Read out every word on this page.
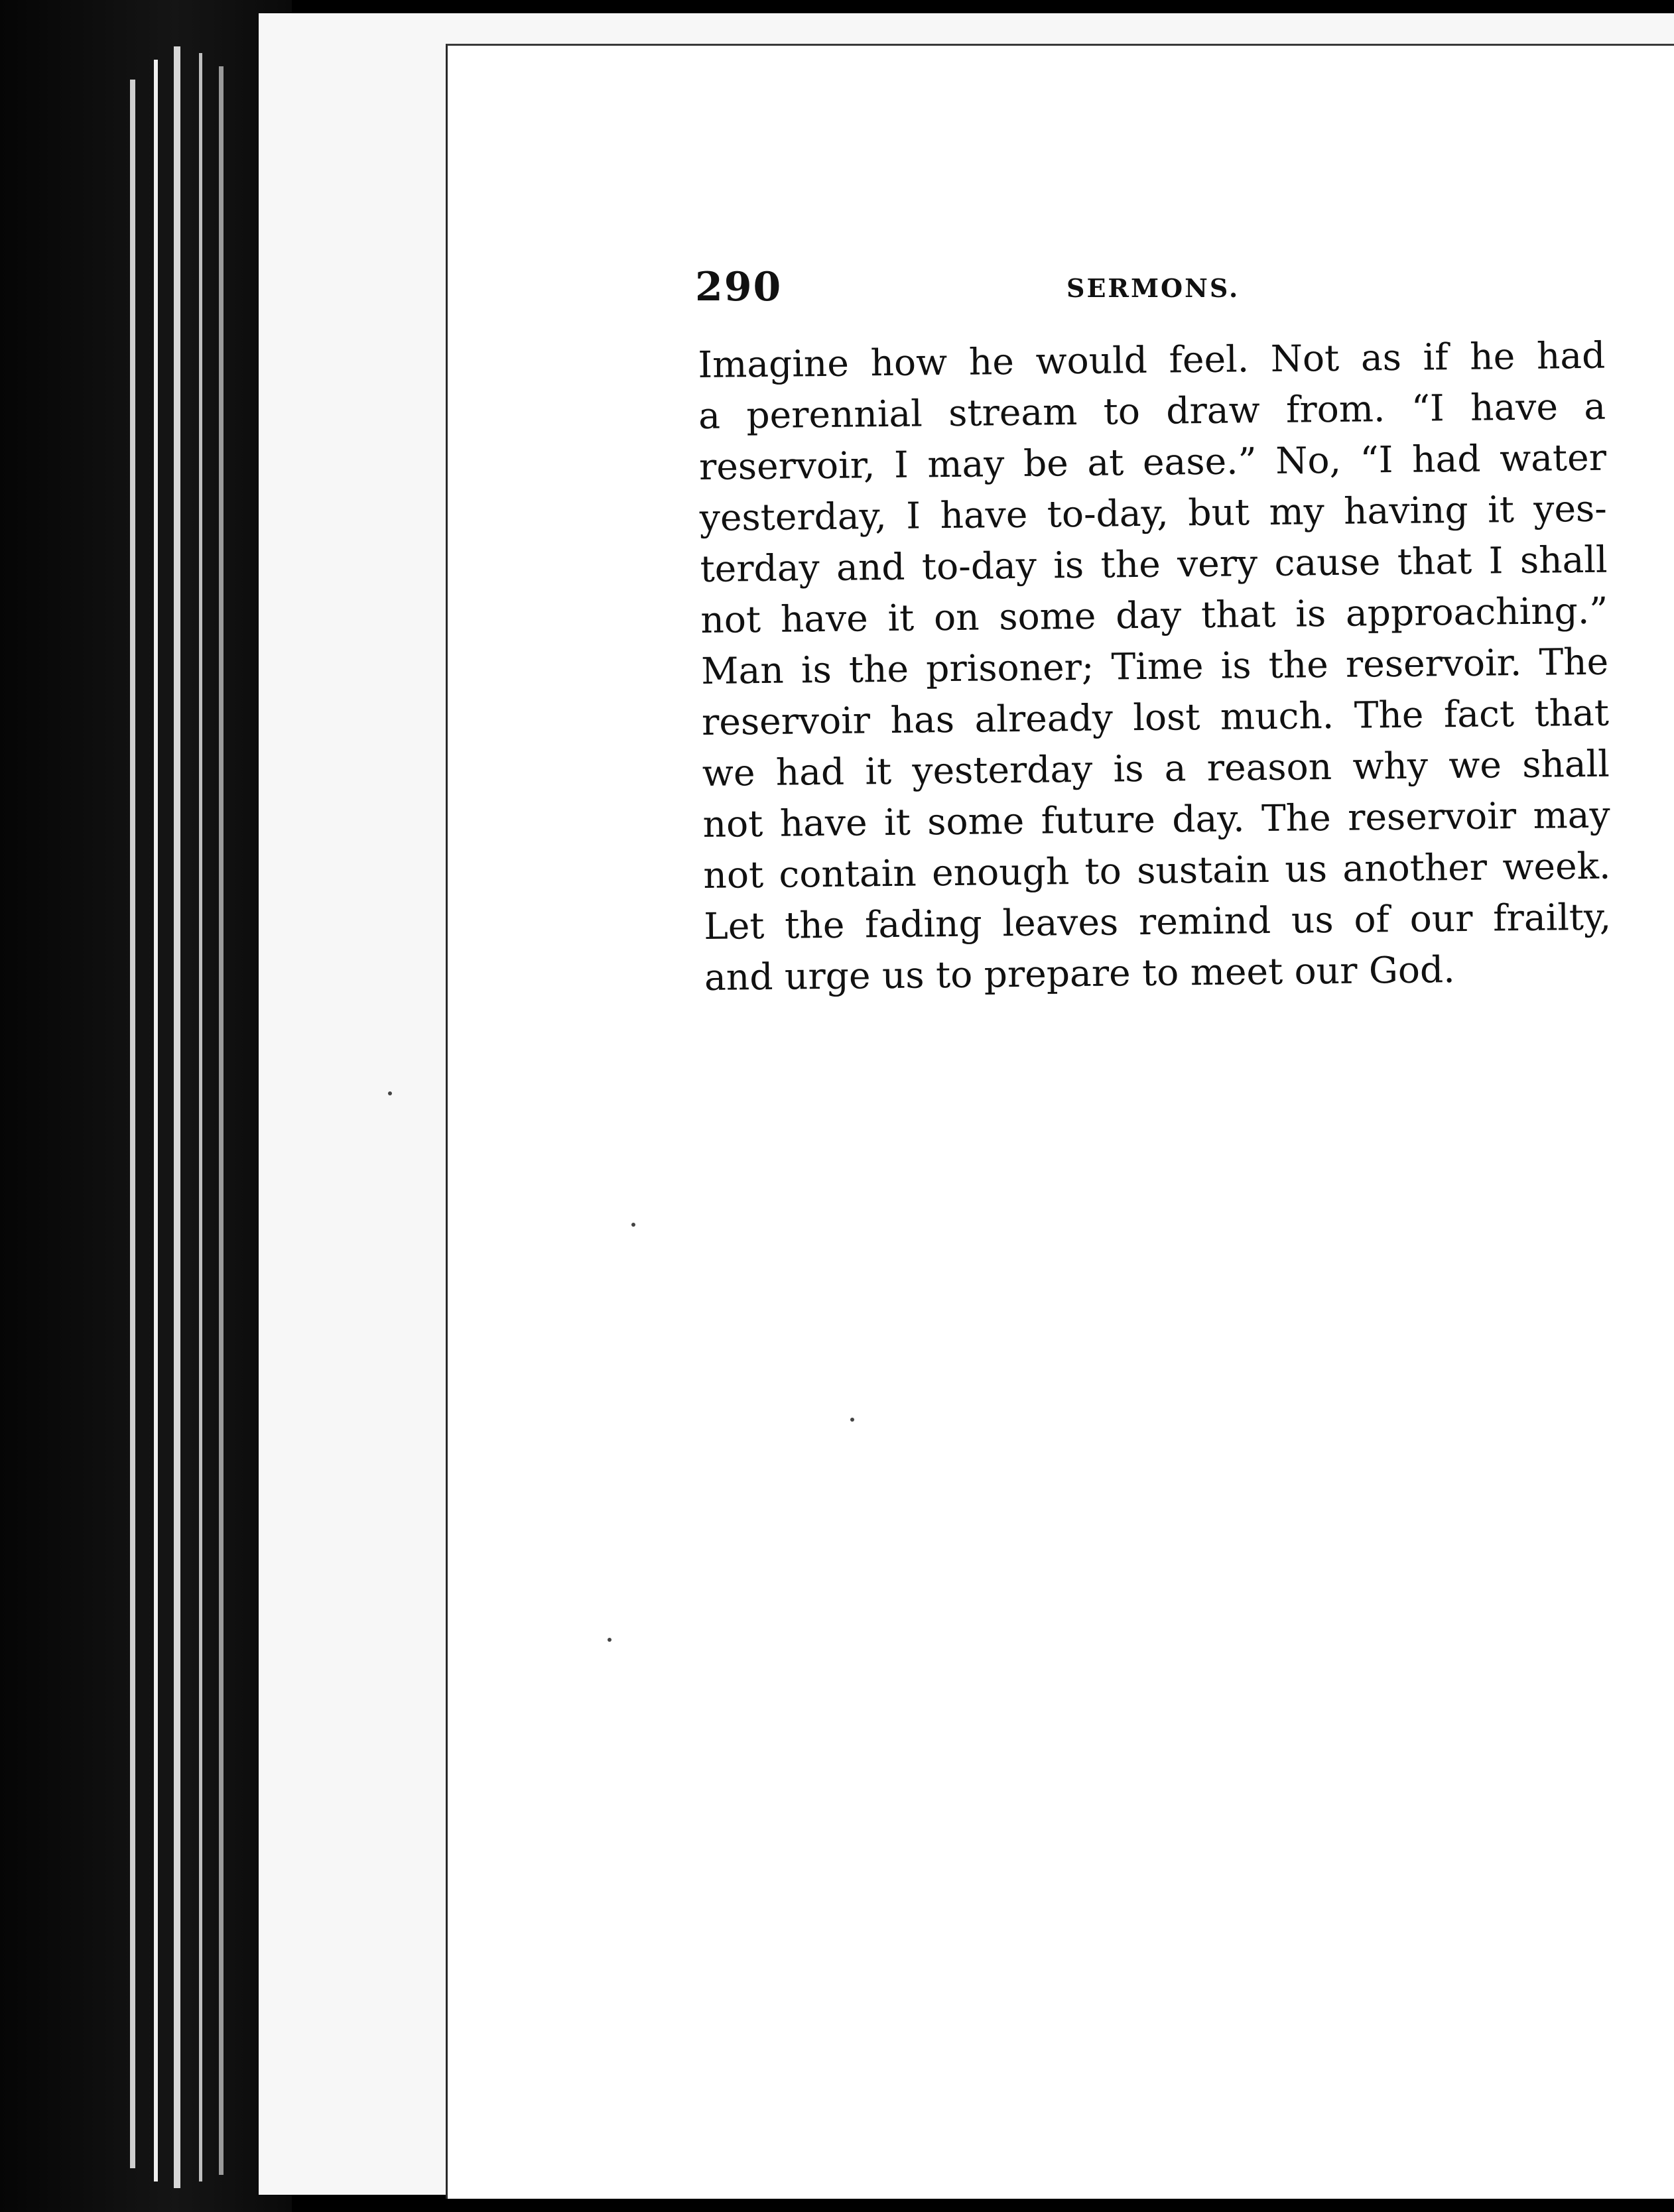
290	SERMONS.
Imagine how he would feel. Not as if he had
a perennial stream to draw from. “I have a
reservoir, I may be at ease.” No, “I had water
yesterday, I have to-day, but my having it yes-
terday and to-day is the very cause that I shall
not have it on some day that is approaching.”
Man is the prisoner; Time is the reservoir. The
reservoir has already lost much. The fact that
we had it yesterday is a reason why we shall
not have it some future day. The reservoir may
not contain enough to sustain us another week.
Let the fading leaves remind us of our frailty,
and urge us to prepare to meet our God.
